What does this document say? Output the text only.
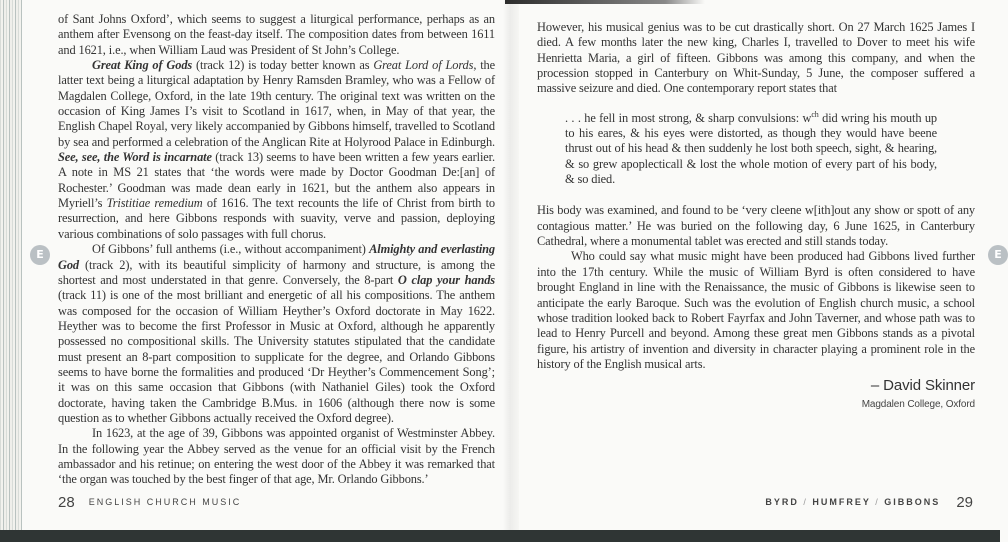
E	E

of Sant Johns Oxford’, which seems to suggest a liturgical performance, perhaps as an anthem after Evensong on the feast-day itself. The composition dates from between 1611 and 1621, i.e., when William Laud was President of St John’s College.

Great King of Gods (track 12) is today better known as Great Lord of Lords, the latter text being a liturgical adaptation by Henry Ramsden Bramley, who was a Fellow of Magdalen College, Oxford, in the late 19th century. The original text was written on the occasion of King James I’s visit to Scotland in 1617, when, in May of that year, the English Chapel Royal, very likely accompanied by Gibbons himself, travelled to Scotland by sea and performed a celebration of the Anglican Rite at Holyrood Palace in Edinburgh. See, see, the Word is incarnate (track 13) seems to have been written a few years earlier. A note in MS 21 states that ‘the words were made by Doctor Goodman De:[an] of Rochester.’ Goodman was made dean early in 1621, but the anthem also appears in Myriell’s Tristitiae remedium of 1616. The text recounts the life of Christ from birth to resurrection, and here Gibbons responds with suavity, verve and passion, deploying various combinations of solo passages with full chorus.

Of Gibbons’ full anthems (i.e., without accompaniment) Almighty and everlasting God (track 2), with its beautiful simplicity of harmony and structure, is among the shortest and most understated in that genre. Conversely, the 8-part O clap your hands (track 11) is one of the most brilliant and energetic of all his compositions. The anthem was composed for the occasion of William Heyther’s Oxford doctorate in May 1622. Heyther was to become the first Professor in Music at Oxford, although he apparently possessed no compositional skills. The University statutes stipulated that the candidate must present an 8-part composition to supplicate for the degree, and Orlando Gibbons seems to have borne the formalities and produced ‘Dr Heyther’s Commencement Song’; it was on this same occasion that Gibbons (with Nathaniel Giles) took the Oxford doctorate, having taken the Cambridge B.Mus. in 1606 (although there now is some question as to whether Gibbons actually received the Oxford degree).

In 1623, at the age of 39, Gibbons was appointed organist of Westminster Abbey. In the following year the Abbey served as the venue for an official visit by the French ambassador and his retinue; on entering the west door of the Abbey it was remarked that ‘the organ was touched by the best finger of that age, Mr. Orlando Gibbons.’

28 ENGLISH CHURCH MUSIC

However, his musical genius was to be cut drastically short. On 27 March 1625 James I died. A few months later the new king, Charles I, travelled to Dover to meet his wife Henrietta Maria, a girl of fifteen. Gibbons was among this company, and when the procession stopped in Canterbury on Whit-Sunday, 5 June, the composer suffered a massive seizure and died. One contemporary report states that

. . . he fell in most strong, & sharp convulsions: $w^{ch}$ did wring his mouth up to his eares, & his eyes were distorted, as though they would have beene thrust out of his head & then suddenly he lost both speech, sight, & hearing, & so grew apoplecticall & lost the whole motion of every part of his body, & so died.

His body was examined, and found to be ‘very cleene w[ith]out any show or spott of any contagious matter.’ He was buried on the following day, 6 June 1625, in Canterbury Cathedral, where a monumental tablet was erected and still stands today.

Who could say what music might have been produced had Gibbons lived further into the 17th century. While the music of William Byrd is often considered to have brought England in line with the Renaissance, the music of Gibbons is likewise seen to anticipate the early Baroque. Such was the evolution of English church music, a school whose tradition looked back to Robert Fayrfax and John Taverner, and whose path was to lead to Henry Purcell and beyond. Among these great men Gibbons stands as a pivotal figure, his artistry of invention and diversity in character playing a prominent role in the history of the English musical arts.

– David Skinner
Magdalen College, Oxford
BYRD / HUMFREY / GIBBONS 29
